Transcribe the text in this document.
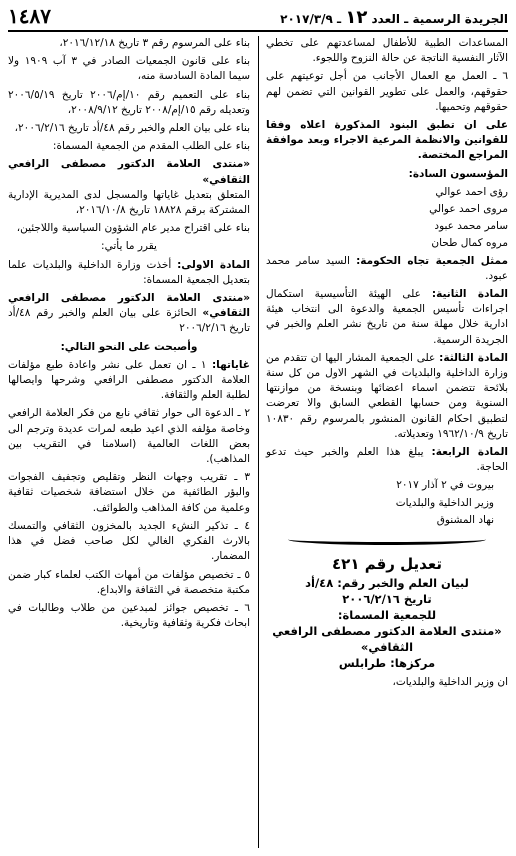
الجريدة الرسمية ـ العدد ١٢ ـ ٢٠١٧/٣/٩
١٤٨٧

المساعدات الطبية للأطفال لمساعدتهم على تخطي الآثار النفسية الناتجة عن حالة النزوح واللجوء.

٦ ـ العمل مع العمال الأجانب من أجل توعيتهم على حقوقهم، والعمل على تطوير القوانين التي تضمن لهم حقوقهم وتحميها.

على ان تطبق البنود المذكورة اعلاه وفقا للقوانين والانظمة المرعية الاجراء وبعد موافقة المراجع المختصة.

المؤسسون السادة:

رؤى احمد عوالي

مروى احمد عوالي

سامر محمد عبود

مروه كمال طحان

ممثل الجمعية تجاه الحكومة: السيد سامر محمد عبود.

المادة الثانية: على الهيئة التأسيسية استكمال اجراءات تأسيس الجمعية والدعوة الى انتخاب هيئة ادارية خلال مهلة سنة من تاريخ نشر العلم والخبر في الجريدة الرسمية.

المادة الثالثة: على الجمعية المشار اليها ان تتقدم من وزارة الداخلية والبلديات في الشهر الاول من كل سنة بلائحة تتضمن اسماء اعضائها وبنسخة من موازنتها السنوية ومن حسابها القطعي السابق والا تعرضت لتطبيق احكام القانون المنشور بالمرسوم رقم ١٠٨٣٠ تاريخ ١٩٦٢/١٠/٩ وتعديلاته.

المادة الرابعة: يبلغ هذا العلم والخبر حيث تدعو الحاجة.

بيروت في ٢ آذار ٢٠١٧

وزير الداخلية والبلديات

نهاد المشنوق

تعديل رقم ٤٢١
لبيان العلم والخبر رقم: ٤٨/أد
تاريخ ٢٠٠٦/٢/١٦
للجمعية المسماة:
«منتدى العلامة الدكتور مصطفى الرافعي الثقافي»
مركزها: طرابلس

ان وزير الداخلية والبلديات،

بناء على المرسوم رقم ٣ تاريخ ٢٠١٦/١٢/١٨،

بناء على قانون الجمعيات الصادر في ٣ آب ١٩٠٩ ولا سيما المادة السادسة منه،

بناء على التعميم رقم ١٠/إم/٢٠٠٦ تاريخ ٢٠٠٦/٥/١٩ وتعديله رقم ١٥/إم/٢٠٠٨ تاريخ ٢٠٠٨/٩/١٢،

بناء على بيان العلم والخبر رقم ٤٨/أد تاريخ ٢٠٠٦/٢/١٦،

بناء على الطلب المقدم من الجمعية المسماة:

«منتدى العلامة الدكتور مصطفى الرافعي الثقافي»

المتعلق بتعديل غاياتها والمسجل لدى المديرية الإدارية المشتركة برقم ١٨٨٢٨ تاريخ ٢٠١٦/١٠/٨،

بناء على اقتراح مدير عام الشؤون السياسية واللاجئين،

يقرر ما يأتي:

المادة الاولى: أخذت وزارة الداخلية والبلديات علما بتعديل الجمعية المسماة:

«منتدى العلامة الدكتور مصطفى الرافعي الثقافي» الحائزة على بيان العلم والخبر رقم ٤٨/أد تاريخ ٢٠٠٦/٢/١٦

وأصبحت على النحو التالي:

غاياتها: ١ ـ ان تعمل على نشر واعادة طبع مؤلفات العلامة الدكتور مصطفى الرافعي وشرحها وايصالها لطلبة العلم والثقافة.

٢ ـ الدعوة الى حوار ثقافي نابع من فكر العلامة الرافعي وخاصة مؤلفه الذي اعيد طبعه لمرات عديدة وترجم الى بعض اللغات العالمية (اسلامنا في التقريب بين المذاهب).

٣ ـ تقريب وجهات النظر وتقليص وتجفيف الفجوات والبؤر الطائفية من خلال استضافة شخصيات ثقافية وعلمية من كافة المذاهب والطوائف.

٤ ـ تذكير النشء الجديد بالمخزون الثقافي والتمسك بالارث الفكري الغالي لكل صاحب فضل في هذا المضمار.

٥ ـ تخصيص مؤلفات من أمهات الكتب لعلماء كبار ضمن مكتبة متخصصة في الثقافة والابداع.

٦ ـ تخصيص جوائز لمبدعين من طلاب وطالبات في ابحاث فكرية وثقافية وتاريخية.
